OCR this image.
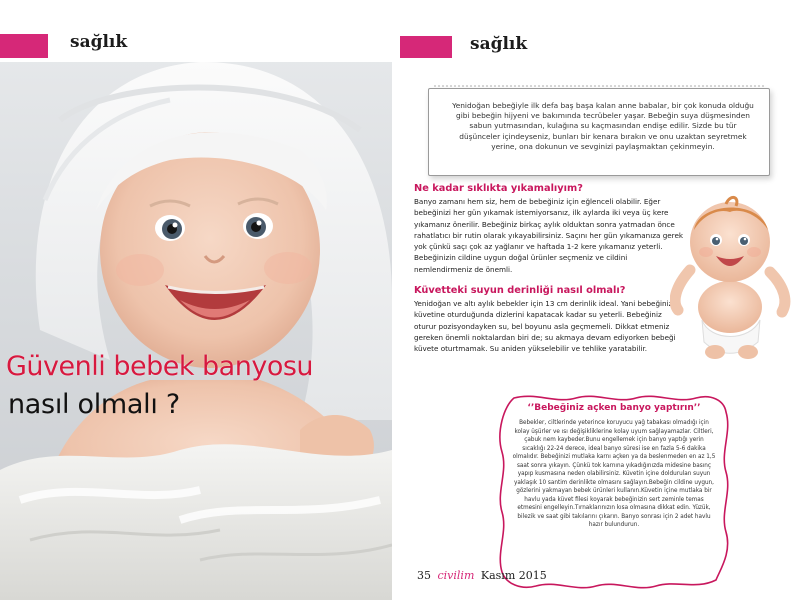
sağlık
Güvenli bebek banyosu
nasıl olmalı ?
sağlık
Yenidoğan bebeğiyle ilk defa baş başa kalan anne babalar, bir çok konuda olduğu gibi bebeğin hijyeni ve bakımında tecrübeler yaşar. Bebeğin suya düşmesinden sabun yutmasından, kulağına su kaçmasından endişe edilir. Sizde bu tür düşünceler içindeyseniz, bunları bir kenara bırakın ve onu uzaktan seyretmek yerine, ona dokunun ve sevginizi paylaşmaktan çekinmeyin.
Ne kadar sıklıkta yıkamalıyım?
Banyo zamanı hem siz, hem de bebeğiniz için eğlenceli olabilir. Eğer bebeğinizi her gün yıkamak istemiyorsanız, ilk aylarda iki veya üç kere yıkamanız önerilir. Bebeğiniz birkaç aylık olduktan sonra yatmadan önce rahatlatıcı bir rutin olarak yıkayabilirsiniz. Saçını her gün yıkamanıza gerek yok çünkü saçı çok az yağlanır ve haftada 1-2 kere yıkamanız yeterli. Bebeğinizin cildine uygun doğal ürünler seçmeniz ve cildini nemlendirmeniz de önemli.
Küvetteki suyun derinliği nasıl olmalı?
Yenidoğan ve altı aylık bebekler için 13 cm derinlik ideal. Yani bebeğiniz küvetine oturduğunda dizlerini kapatacak kadar su yeterli. Bebeğiniz oturur pozisyondayken su, bel boyunu asla geçmemeli. Dikkat etmeniz gereken önemli noktalardan biri de; su akmaya devam ediyorken bebeği küvete oturtmamak. Su aniden yükselebilir ve tehlike yaratabilir.
‘’Bebeğiniz açken banyo yaptırın’’
Bebekler, ciltlerinde yeterince koruyucu yağ tabakası olmadığı için kolay üşürler ve ısı değişikliklerine kolay uyum sağlayamazlar. Ciltleri, çabuk nem kaybeder.Bunu engellemek için banyo yaptığı yerin sıcaklığı 22-24 derece, ideal banyo süresi ise en fazla 5-6 dakika olmalıdır. Bebeğinizi mutlaka karnı açken ya da beslenmeden en az 1,5 saat sonra yıkayın. Çünkü tok karnına yıkadığınızda midesine basınç yapıp kusmasına neden olabilirsiniz. Küvetin içine doldurulan suyun yaklaşık 10 santim derinlikte olmasını sağlayın.Bebeğin cildine uygun, gözlerini yakmayan bebek ürünleri kullanın.Küvetin içine mutlaka bir havlu yada küvet filesi koyarak bebeğinizin sert zeminle temas etmesini engelleyin.Tırnaklarınızın kısa olmasına dikkat edin. Yüzük, bilezik ve saat gibi takılarını çıkarın. Banyo sonrası için 2 adet havlu hazır bulundurun.
35 civilim Kasım 2015
